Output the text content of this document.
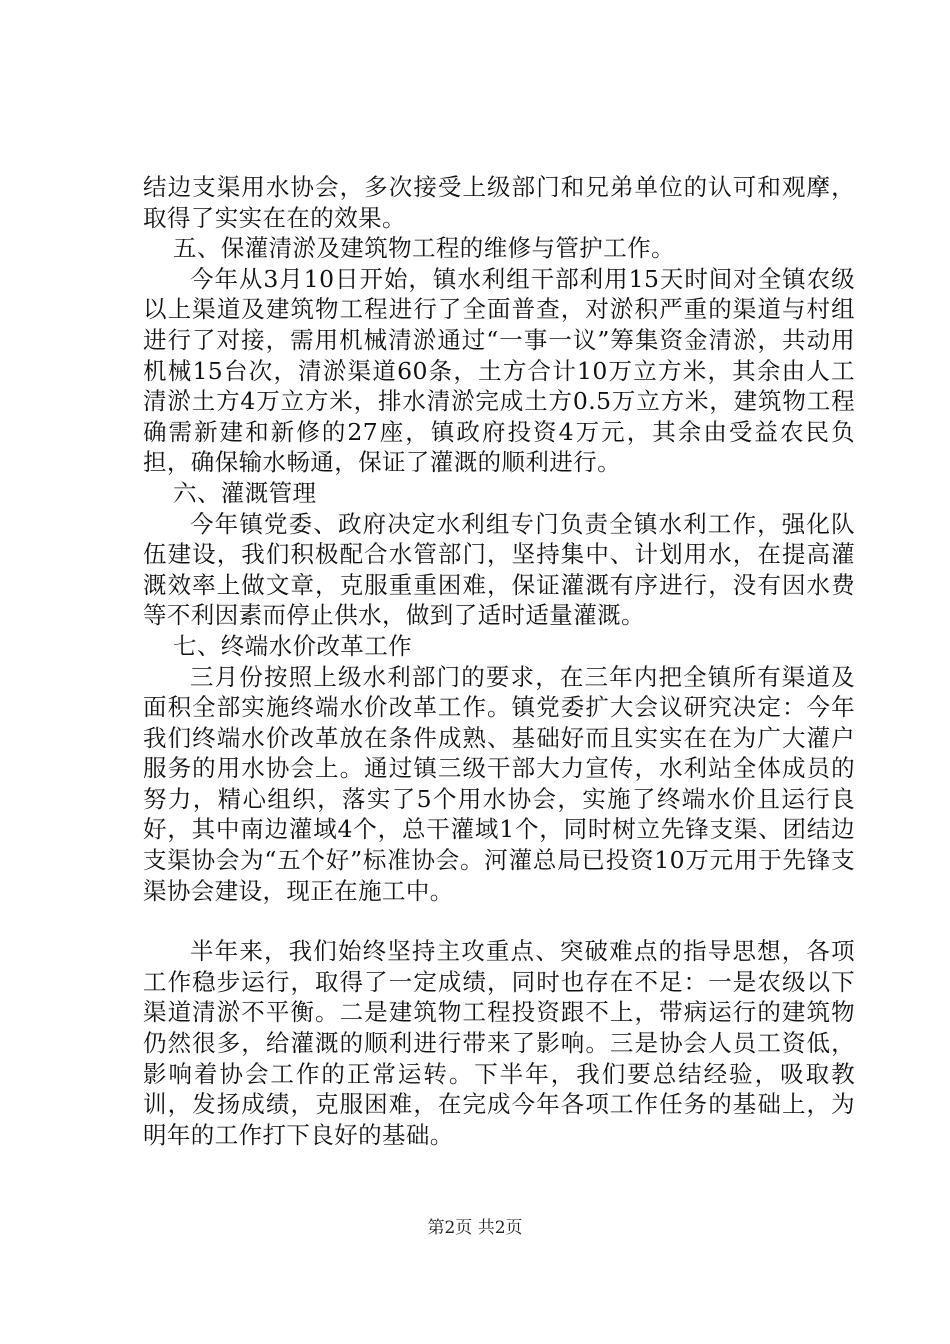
结边支渠用水协会，多次接受上级部门和兄弟单位的认可和观摩，取得了实实在在的效果。

五、保灌清淤及建筑物工程的维修与管护工作。

今年从3月10日开始，镇水利组干部利用15天时间对全镇农级以上渠道及建筑物工程进行了全面普查，对淤积严重的渠道与村组进行了对接，需用机械清淤通过“一事一议”筹集资金清淤，共动用机械15台次，清淤渠道60条，土方合计10万立方米，其余由人工清淤土方4万立方米，排水清淤完成土方0.5万立方米，建筑物工程确需新建和新修的27座，镇政府投资4万元，其余由受益农民负担，确保输水畅通，保证了灌溉的顺利进行。

六、灌溉管理

今年镇党委、政府决定水利组专门负责全镇水利工作，强化队伍建设，我们积极配合水管部门，坚持集中、计划用水，在提高灌溉效率上做文章，克服重重困难，保证灌溉有序进行，没有因水费等不利因素而停止供水，做到了适时适量灌溉。

七、终端水价改革工作

三月份按照上级水利部门的要求，在三年内把全镇所有渠道及面积全部实施终端水价改革工作。镇党委扩大会议研究决定：今年我们终端水价改革放在条件成熟、基础好而且实实在在为广大灌户服务的用水协会上。通过镇三级干部大力宣传，水利站全体成员的努力，精心组织，落实了5个用水协会，实施了终端水价且运行良好，其中南边灌域4个，总干灌域1个，同时树立先锋支渠、团结边支渠协会为“五个好”标准协会。河灌总局已投资10万元用于先锋支渠协会建设，现正在施工中。

半年来，我们始终坚持主攻重点、突破难点的指导思想，各项工作稳步运行，取得了一定成绩，同时也存在不足：一是农级以下渠道清淤不平衡。二是建筑物工程投资跟不上，带病运行的建筑物仍然很多，给灌溉的顺利进行带来了影响。三是协会人员工资低，影响着协会工作的正常运转。下半年，我们要总结经验，吸取教训，发扬成绩，克服困难，在完成今年各项工作任务的基础上，为明年的工作打下良好的基础。

第2页 共2页
